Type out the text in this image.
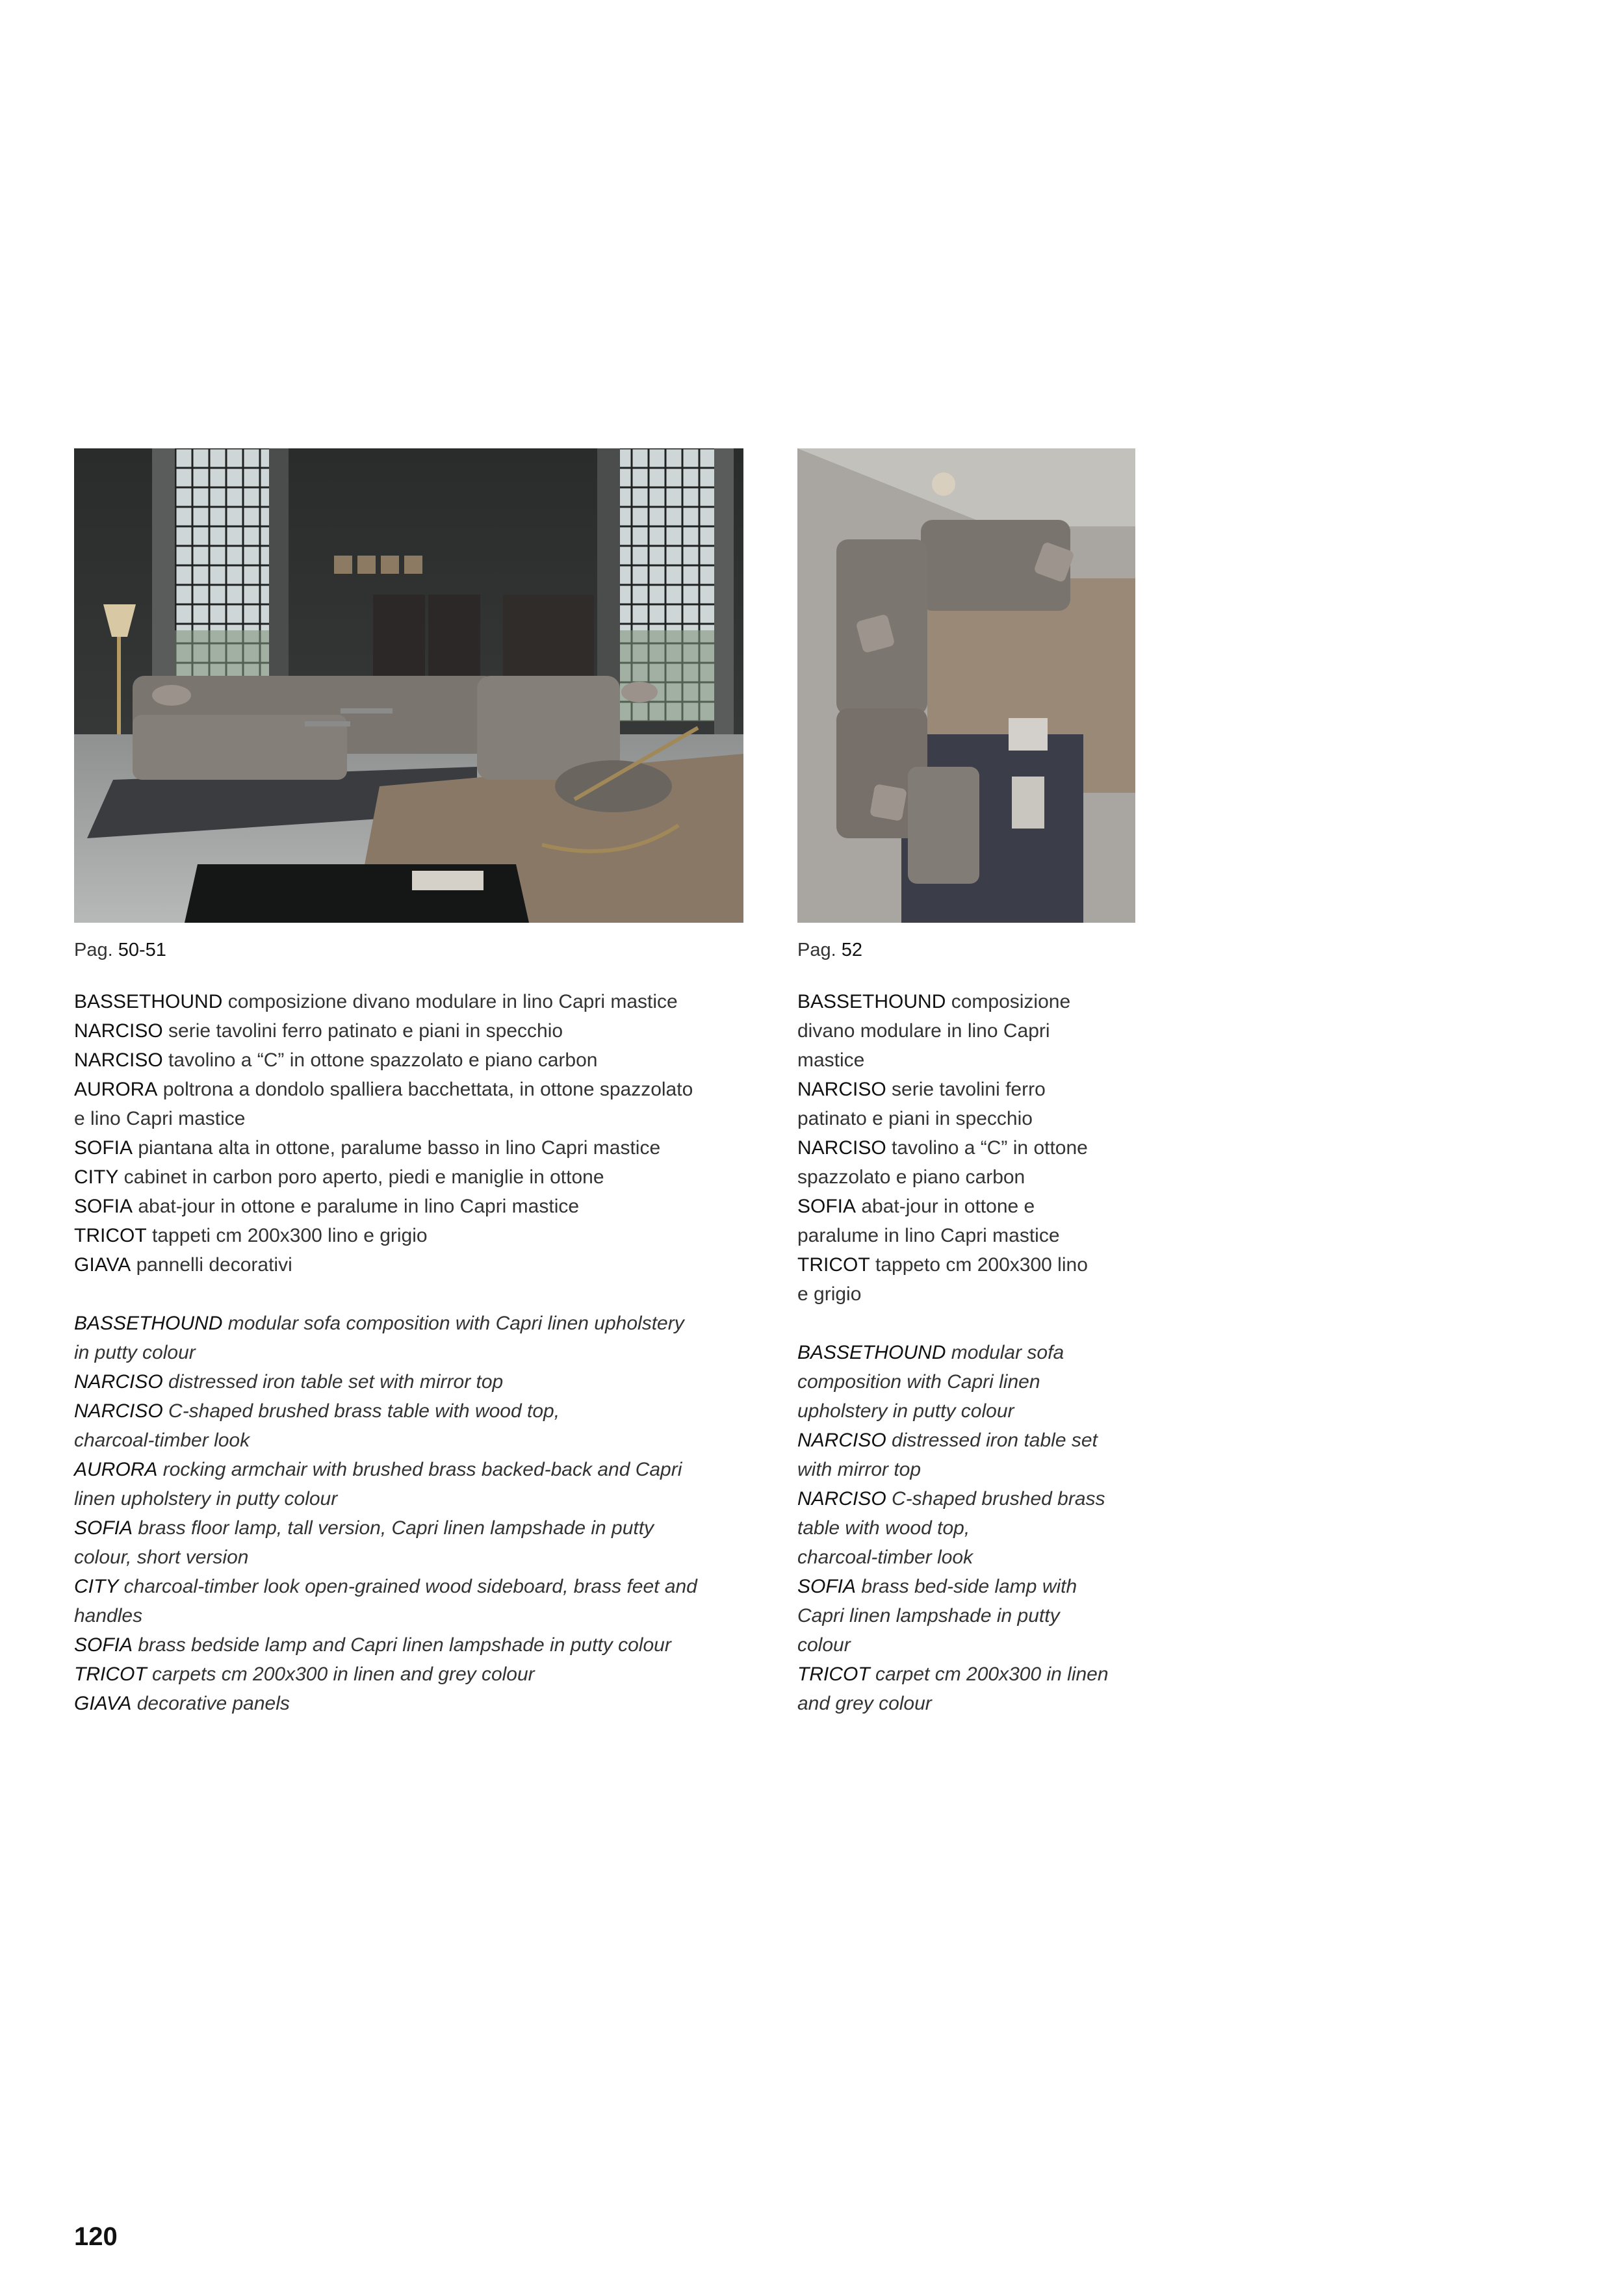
Pag. 50-51
BASSETHOUND composizione divano modulare in lino Capri mastice
NARCISO serie tavolini ferro patinato e piani in specchio
NARCISO tavolino a “C” in ottone spazzolato e piano carbon
AURORA poltrona a dondolo spalliera bacchettata, in ottone spazzolato
e lino Capri mastice
SOFIA piantana alta in ottone, paralume basso in lino Capri mastice
CITY cabinet in carbon poro aperto, piedi e maniglie in ottone
SOFIA abat-jour in ottone e paralume in lino Capri mastice
TRICOT tappeti cm 200x300 lino e grigio
GIAVA pannelli decorativi
BASSETHOUND modular sofa composition with Capri linen upholstery
in putty colour
NARCISO distressed iron table set with mirror top
NARCISO C-shaped brushed brass table with wood top,
charcoal-timber look
AURORA rocking armchair with brushed brass backed-back and Capri
linen upholstery in putty colour
SOFIA brass floor lamp, tall version, Capri linen lampshade in putty
colour, short version
CITY charcoal-timber look open-grained wood sideboard, brass feet and
handles
SOFIA brass bedside lamp and Capri linen lampshade in putty colour
TRICOT carpets cm 200x300 in linen and grey colour
GIAVA decorative panels
Pag. 52
BASSETHOUND composizione
divano modulare in lino Capri
mastice
NARCISO serie tavolini ferro
patinato e piani in specchio
NARCISO tavolino a “C” in ottone
spazzolato e piano carbon
SOFIA abat-jour in ottone e
paralume in lino Capri mastice
TRICOT tappeto cm 200x300 lino
e grigio
BASSETHOUND modular sofa
composition with Capri linen
upholstery in putty colour
NARCISO distressed iron table set
with mirror top
NARCISO C-shaped brushed brass
table with wood top,
charcoal-timber look
SOFIA brass bed-side lamp with
Capri linen lampshade in putty
colour
TRICOT carpet cm 200x300 in linen
and grey colour
120
